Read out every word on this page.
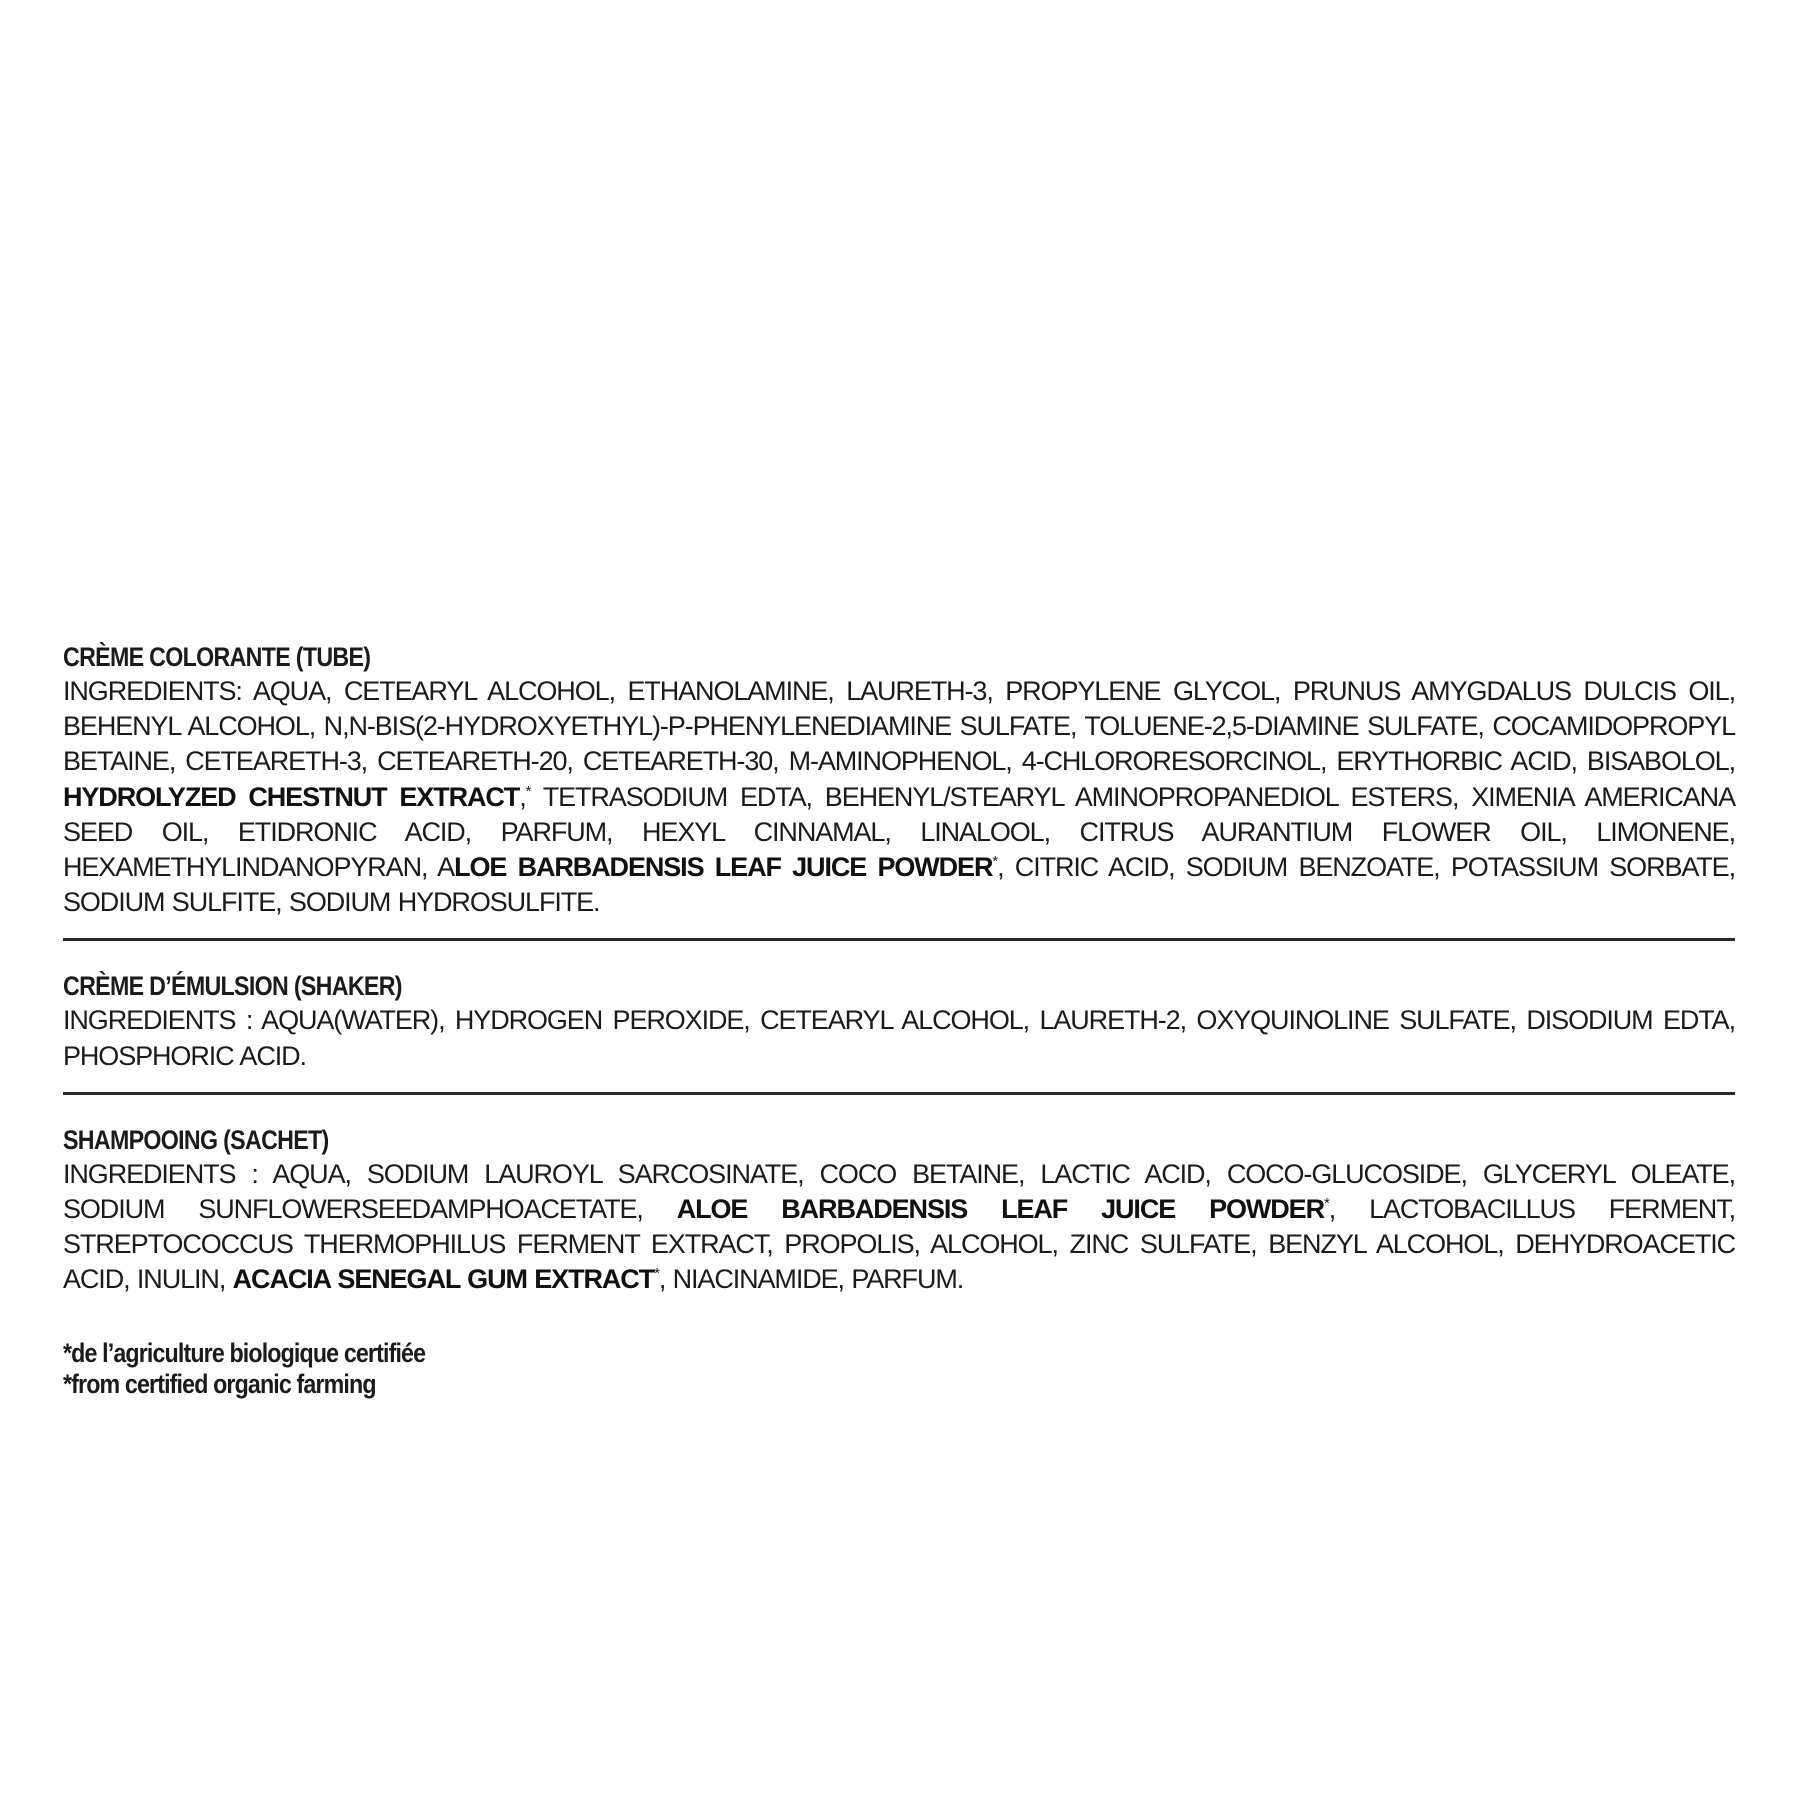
CRÈME COLORANTE (TUBE)

INGREDIENTS: AQUA, CETEARYL ALCOHOL, ETHANOLAMINE, LAURETH-3, PROPYLENE GLYCOL, PRUNUS AMYGDALUS DULCIS OIL, BEHENYL ALCOHOL, N,N-BIS(2-HYDROXYETHYL)-P-PHENYLENEDIAMINE SULFATE, TOLUENE-2,5-DIAMINE SULFATE, COCAMIDOPROPYL BETAINE, CETEARETH-3, CETEARETH-20, CETEARETH-30, M-AMINOPHENOL, 4-CHLORORESORCINOL, ERYTHORBIC ACID, BISABOLOL, HYDROLYZED CHESTNUT EXTRACT,* TETRASODIUM EDTA, BEHENYL/STEARYL AMINOPROPANEDIOL ESTERS, XIMENIA AMERICANA SEED OIL, ETIDRONIC ACID, PARFUM, HEXYL CINNAMAL, LINALOOL, CITRUS AURANTIUM FLOWER OIL, LIMONENE, HEXAMETHYLINDANOPYRAN, ALOE BARBADENSIS LEAF JUICE POWDER*, CITRIC ACID, SODIUM BENZOATE, POTASSIUM SORBATE, SODIUM SULFITE, SODIUM HYDROSULFITE.

CRÈME D’ÉMULSION (SHAKER)

INGREDIENTS : AQUA(WATER), HYDROGEN PEROXIDE, CETEARYL ALCOHOL, LAURETH-2, OXYQUINOLINE SULFATE, DISODIUM EDTA, PHOSPHORIC ACID.

SHAMPOOING (SACHET)

INGREDIENTS : AQUA, SODIUM LAUROYL SARCOSINATE, COCO BETAINE, LACTIC ACID, COCO-GLUCOSIDE, GLYCERYL OLEATE, SODIUM SUNFLOWERSEEDAMPHOACETATE, ALOE BARBADENSIS LEAF JUICE POWDER*, LACTOBACILLUS FERMENT, STREPTOCOCCUS THERMOPHILUS FERMENT EXTRACT, PROPOLIS, ALCOHOL, ZINC SULFATE, BENZYL ALCOHOL, DEHYDROACETIC ACID, INULIN, ACACIA SENEGAL GUM EXTRACT*, NIACINAMIDE, PARFUM.

*de l’agriculture biologique certifiée
*from certified organic farming
